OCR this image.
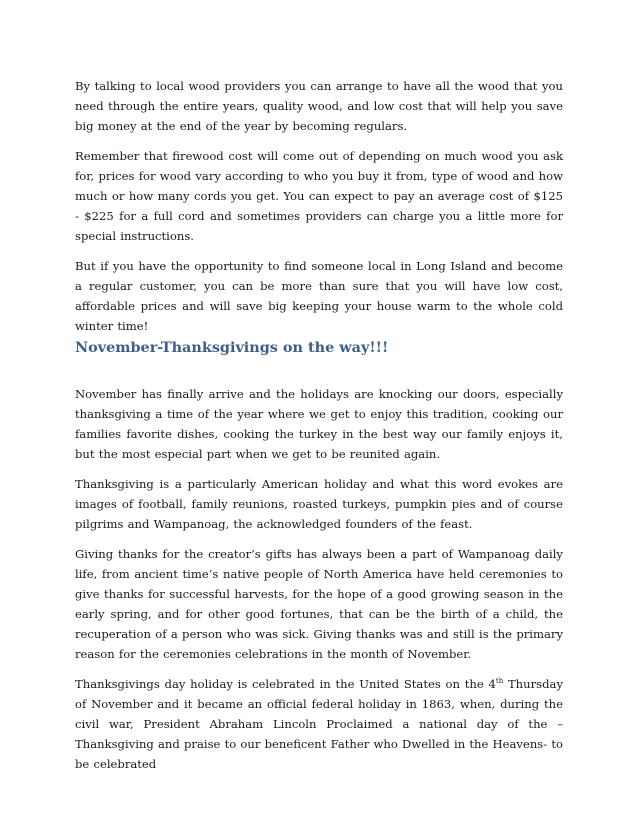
By talking to local wood providers you can arrange to have all the wood that you need through the entire years, quality wood, and low cost that will help you save big money at the end of the year by becoming regulars.

Remember that firewood cost will come out of depending on much wood you ask for, prices for wood vary according to who you buy it from, type of wood and how much or how many cords you get. You can expect to pay an average cost of $125 - $225 for a full cord and sometimes providers can charge you a little more for special instructions.

But if you have the opportunity to find someone local in Long Island and become a regular customer, you can be more than sure that you will have low cost, affordable prices and will save big keeping your house warm to the whole cold winter time!

November-Thanksgivings on the way!!!

November has finally arrive and the holidays are knocking our doors, especially thanksgiving a time of the year where we get to enjoy this tradition, cooking our families favorite dishes, cooking the turkey in the best way our family enjoys it, but the most especial part when we get to be reunited again.

Thanksgiving is a particularly American holiday and what this word evokes are images of football, family reunions, roasted turkeys, pumpkin pies and of course pilgrims and Wampanoag, the acknowledged founders of the feast.

Giving thanks for the creator’s gifts has always been a part of Wampanoag daily life, from ancient time’s native people of North America have held ceremonies to give thanks for successful harvests, for the hope of a good growing season in the early spring, and for other good fortunes, that can be the birth of a child, the recuperation of a person who was sick. Giving thanks was and still is the primary reason for the ceremonies celebrations in the month of November.

Thanksgivings day holiday is celebrated in the United States on the 4th Thursday of November and it became an official federal holiday in 1863, when, during the civil war, President Abraham Lincoln Proclaimed a national day of the – Thanksgiving and praise to our beneficent Father who Dwelled in the Heavens- to be celebrated
